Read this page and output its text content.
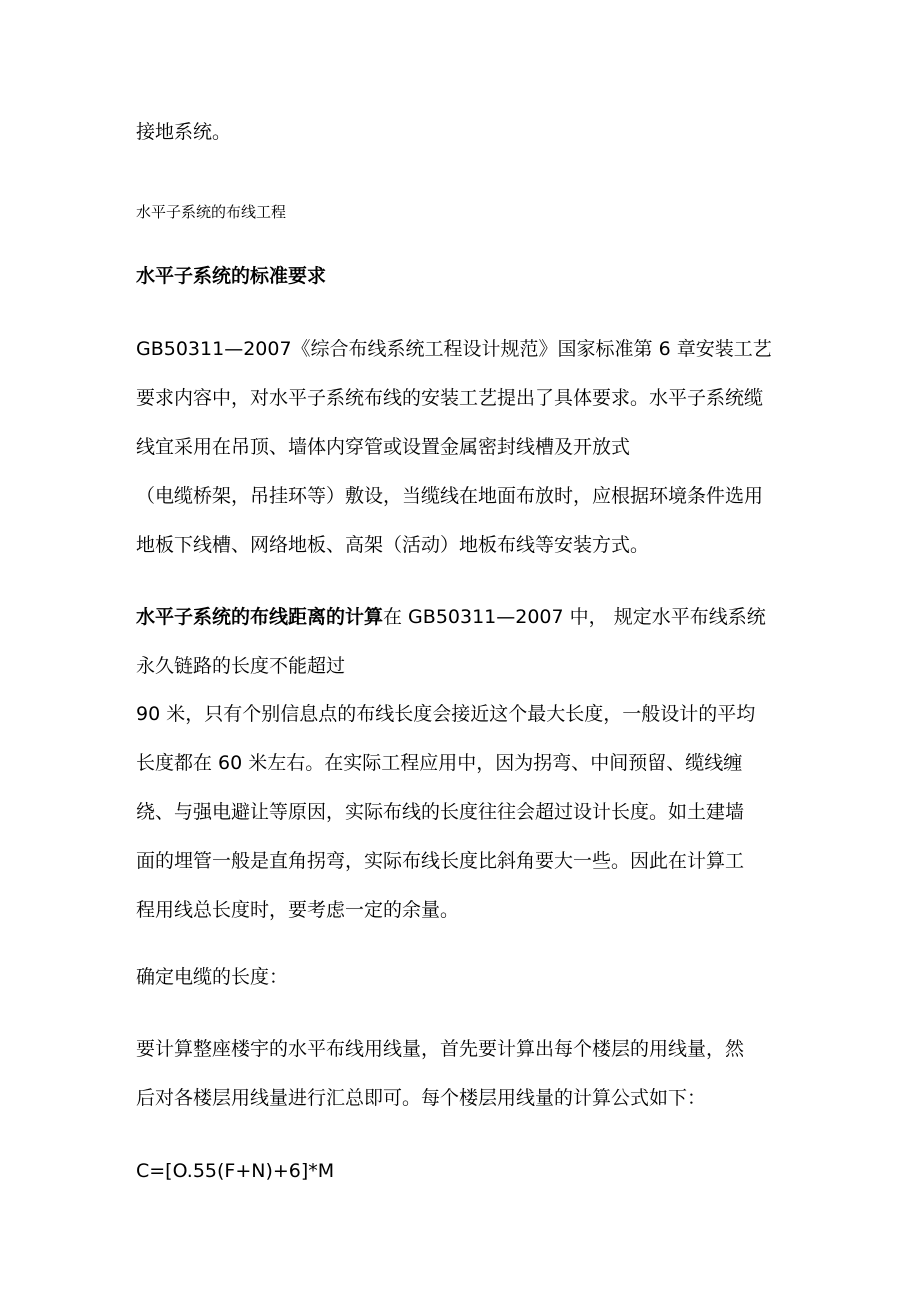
接地系统。
水平子系统的布线工程
水平子系统的标准要求
GB50311—2007《综合布线系统工程设计规范》国家标准第 6 章安装工艺
要求内容中，对水平子系统布线的安装工艺提出了具体要求。水平子系统缆
线宜采用在吊顶、墙体内穿管或设置金属密封线槽及开放式
（电缆桥架，吊挂环等）敷设，当缆线在地面布放时，应根据环境条件选用
地板下线槽、网络地板、高架（活动）地板布线等安装方式。
水平子系统的布线距离的计算在 GB50311—2007 中， 规定水平布线系统
永久链路的长度不能超过
90 米，只有个别信息点的布线长度会接近这个最大长度，一般设计的平均
长度都在 60 米左右。在实际工程应用中，因为拐弯、中间预留、缆线缠
绕、与强电避让等原因，实际布线的长度往往会超过设计长度。如土建墙
面的埋管一般是直角拐弯，实际布线长度比斜角要大一些。因此在计算工
程用线总长度时，要考虑一定的余量。
确定电缆的长度：
要计算整座楼宇的水平布线用线量，首先要计算出每个楼层的用线量，然
后对各楼层用线量进行汇总即可。每个楼层用线量的计算公式如下：
C=[O.55(F+N)+6]*M
